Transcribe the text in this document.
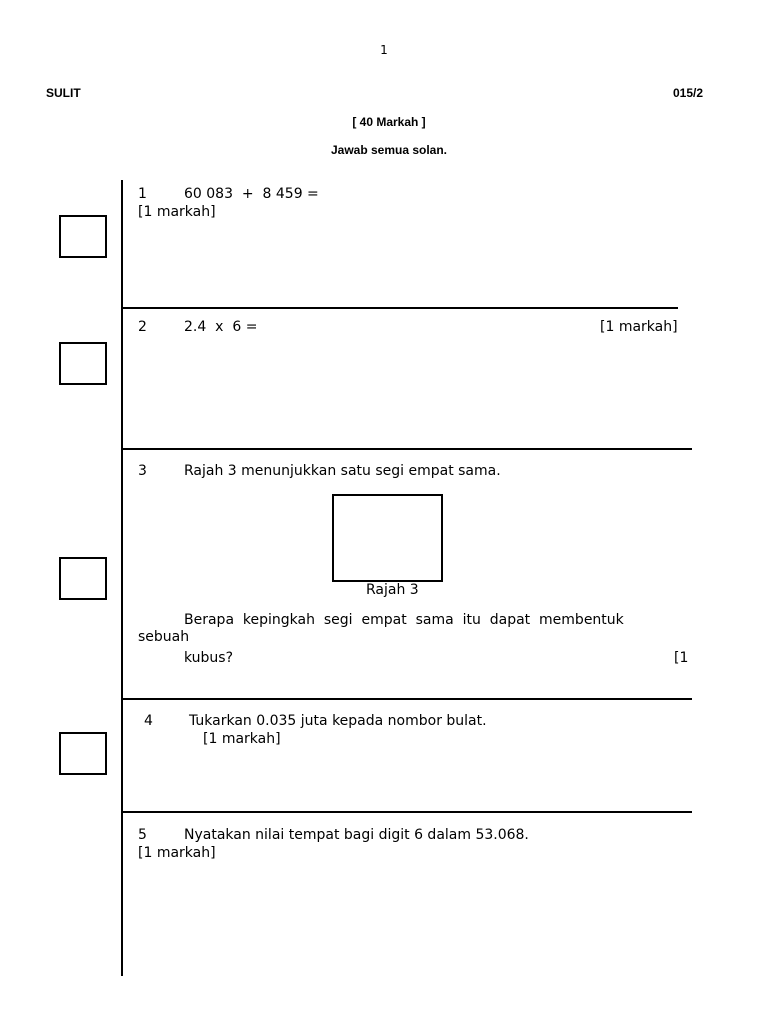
1
SULIT	015/2
[ 40 Markah ]
Jawab semua solan.
1	60 083  +  8 459 =
[1 markah]
2	2.4  x  6 =	[1 markah]
3	Rajah 3 menunjukkan satu segi empat sama.
Rajah 3
Berapa  kepingkah  segi  empat  sama  itu  dapat  membentuk
sebuah
kubus?	[1
4	Tukarkan 0.035 juta kepada nombor bulat.
[1 markah]
5	Nyatakan nilai tempat bagi digit 6 dalam 53.068.
[1 markah]
